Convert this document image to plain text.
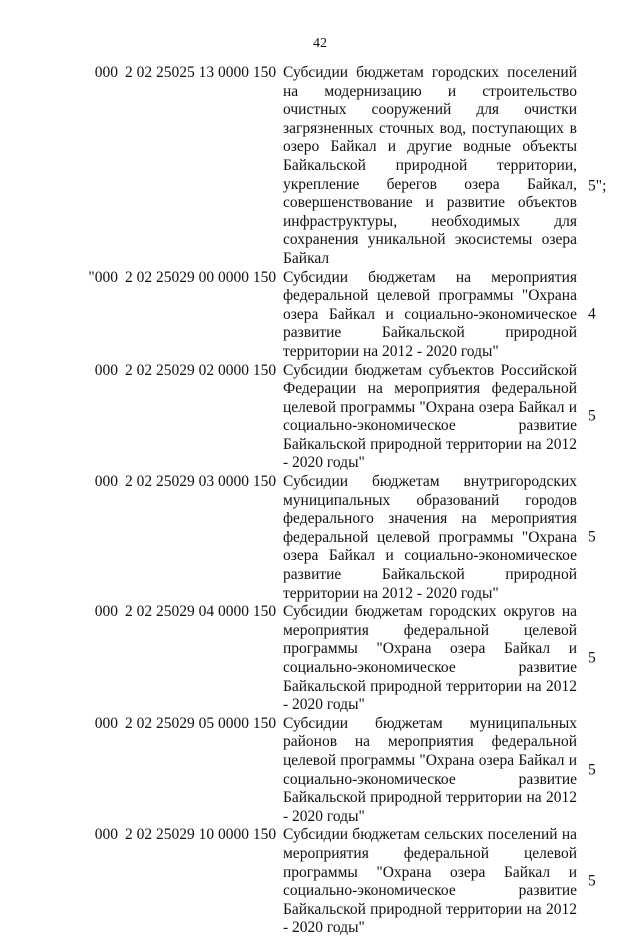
42
000 2 02 25025 13 0000 150 Субсидии бюджетам городских поселений на модернизацию и строительство очистных сооружений для очистки загрязненных сточных вод, поступающих в озеро Байкал и другие водные объекты Байкальской природной территории, укрепление берегов озера Байкал, совершенствование и развитие объектов инфраструктуры, необходимых для сохранения уникальной экосистемы озера Байкал
5";
"000 2 02 25029 00 0000 150 Субсидии бюджетам на мероприятия федеральной целевой программы "Охрана озера Байкал и социально-экономическое развитие Байкальской природной территории на 2012 - 2020 годы"
4
000 2 02 25029 02 0000 150 Субсидии бюджетам субъектов Российской Федерации на мероприятия федеральной целевой программы "Охрана озера Байкал и социально-экономическое развитие Байкальской природной территории на 2012 - 2020 годы"
5
000 2 02 25029 03 0000 150 Субсидии бюджетам внутригородских муниципальных образований городов федерального значения на мероприятия федеральной целевой программы "Охрана озера Байкал и социально-экономическое развитие Байкальской природной территории на 2012 - 2020 годы"
5
000 2 02 25029 04 0000 150 Субсидии бюджетам городских округов на мероприятия федеральной целевой программы "Охрана озера Байкал и социально-экономическое развитие Байкальской природной территории на 2012 - 2020 годы"
5
000 2 02 25029 05 0000 150 Субсидии бюджетам муниципальных районов на мероприятия федеральной целевой программы "Охрана озера Байкал и социально-экономическое развитие Байкальской природной территории на 2012 - 2020 годы"
5
000 2 02 25029 10 0000 150 Субсидии бюджетам сельских поселений на мероприятия федеральной целевой программы "Охрана озера Байкал и социально-экономическое развитие Байкальской природной территории на 2012 - 2020 годы"
5
